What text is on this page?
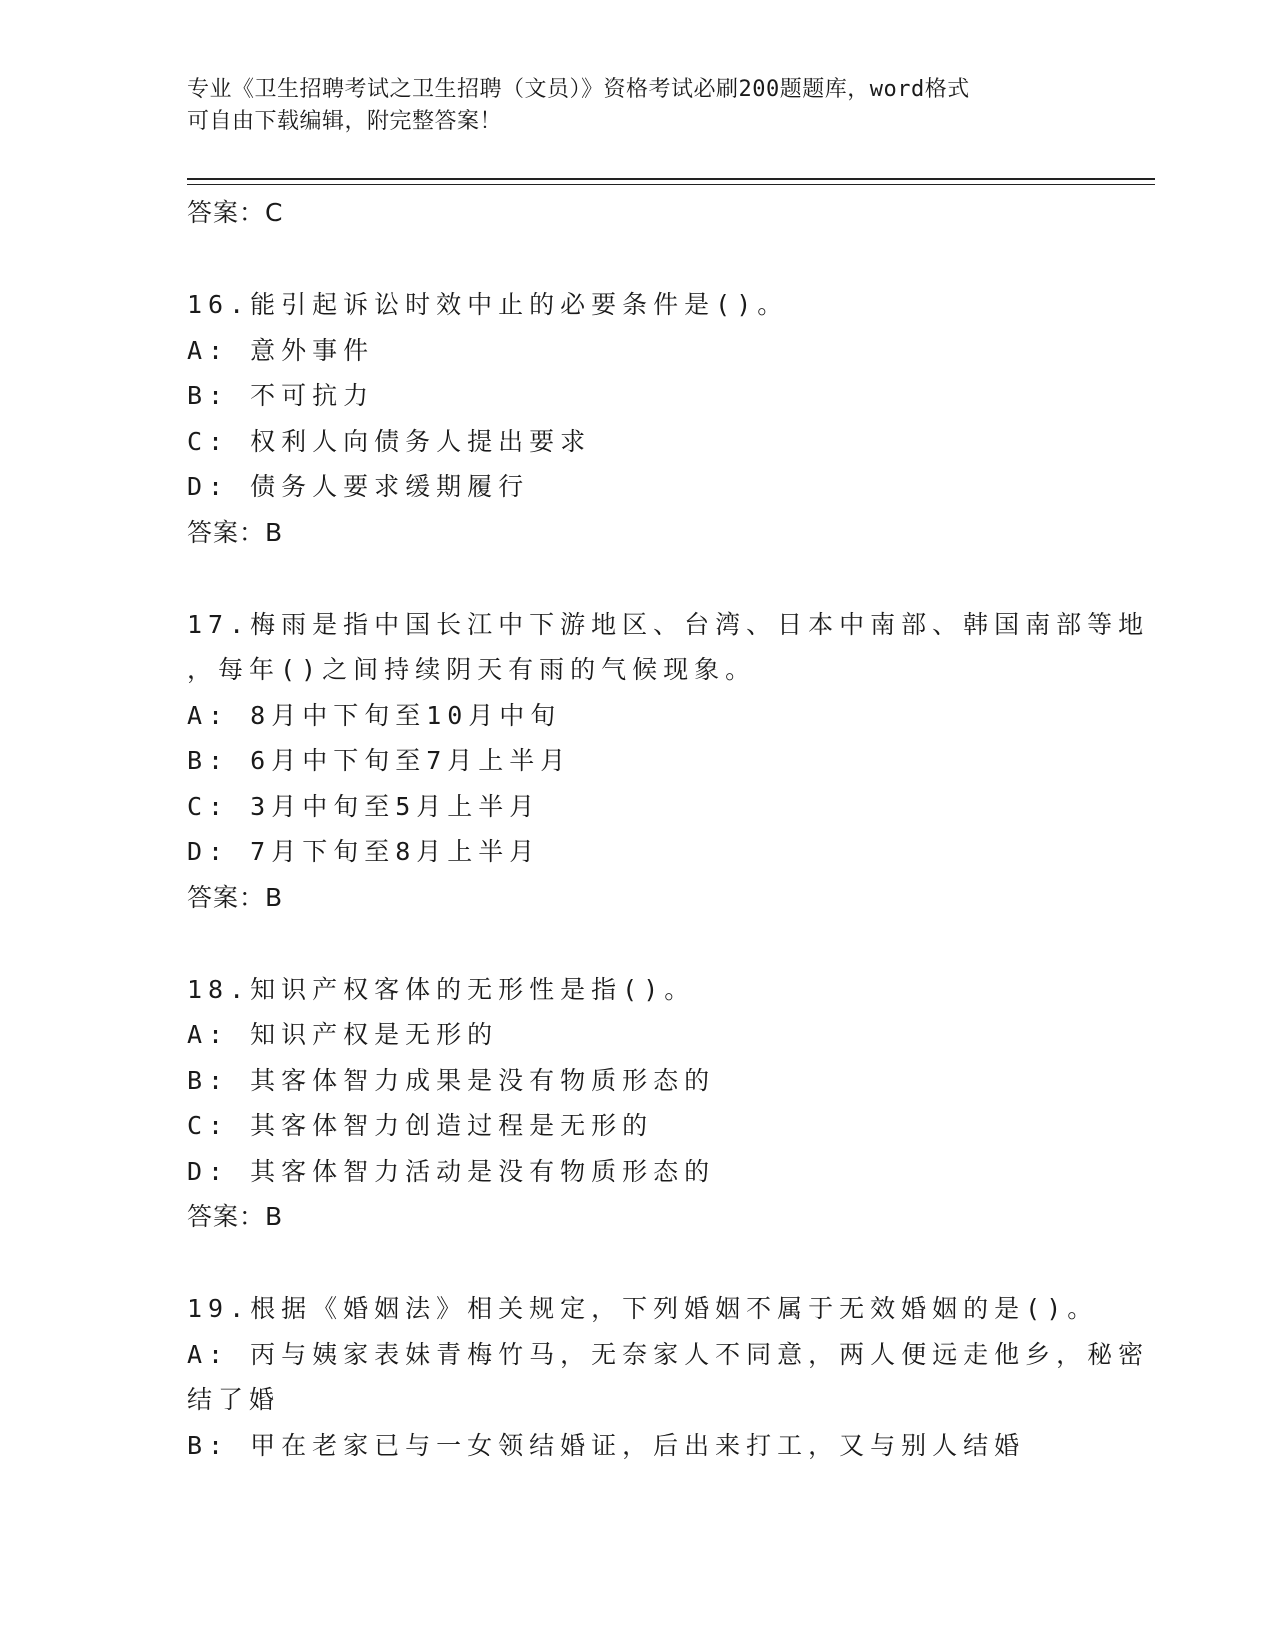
专业《卫生招聘考试之卫生招聘（文员）》资格考试必刷200题题库，word格式
可自由下载编辑，附完整答案！
答案：C
16.能引起诉讼时效中止的必要条件是()。
A: 意外事件
B: 不可抗力
C: 权利人向债务人提出要求
D: 债务人要求缓期履行
答案：B
17.梅雨是指中国长江中下游地区、台湾、日本中南部、韩国南部等地
，每年()之间持续阴天有雨的气候现象。
A: 8月中下旬至10月中旬
B: 6月中下旬至7月上半月
C: 3月中旬至5月上半月
D: 7月下旬至8月上半月
答案：B
18.知识产权客体的无形性是指()。
A: 知识产权是无形的
B: 其客体智力成果是没有物质形态的
C: 其客体智力创造过程是无形的
D: 其客体智力活动是没有物质形态的
答案：B
19.根据《婚姻法》相关规定，下列婚姻不属于无效婚姻的是()。
A: 丙与姨家表妹青梅竹马，无奈家人不同意，两人便远走他乡，秘密
结了婚
B: 甲在老家已与一女领结婚证，后出来打工，又与别人结婚
